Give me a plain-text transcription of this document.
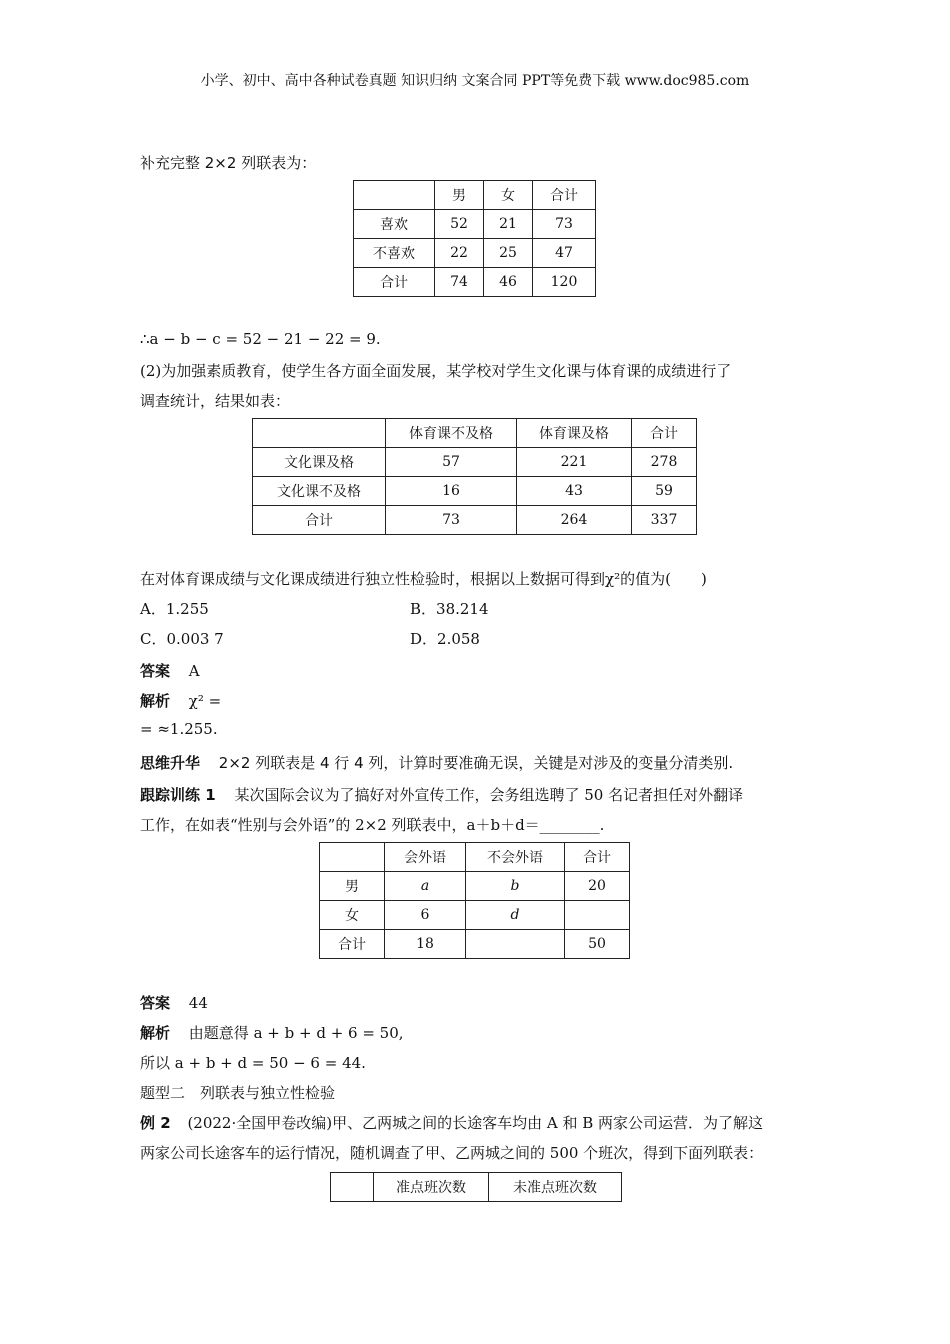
小学、初中、高中各种试卷真题 知识归纳 文案合同 PPT等免费下载 www.doc985.com
补充完整 2×2 列联表为：
	男	女	合计
喜欢	52	21	73
不喜欢	22	25	47
合计	74	46	120
∴a − b − c = 52 − 21 − 22 = 9.
(2)为加强素质教育，使学生各方面全面发展，某学校对学生文化课与体育课的成绩进行了
调查统计，结果如表：
	体育课不及格	体育课及格	合计
文化课及格	57	221	278
文化课不及格	16	43	59
合计	73	264	337
在对体育课成绩与文化课成绩进行独立性检验时，根据以上数据可得到χ²的值为(　　)
A．1.255	B．38.214
C．0.003 7	D．2.058
答案 A
解析 χ² =
= ≈1.255.
思维升华 2×2 列联表是 4 行 4 列，计算时要准确无误，关键是对涉及的变量分清类别.
跟踪训练 1 某次国际会议为了搞好对外宣传工作，会务组选聘了 50 名记者担任对外翻译
工作，在如表“性别与会外语”的 2×2 列联表中，a＋b＋d＝________.
	会外语	不会外语	合计
男	a	b	20
女	6	d	
合计	18		50
答案 44
解析 由题意得 a + b + d + 6 = 50,
所以 a + b + d = 50 − 6 = 44.
题型二　列联表与独立性检验
例 2 (2022·全国甲卷改编)甲、乙两城之间的长途客车均由 A 和 B 两家公司运营．为了解这
两家公司长途客车的运行情况，随机调查了甲、乙两城之间的 500 个班次，得到下面列联表：
	准点班次数	未准点班次数
